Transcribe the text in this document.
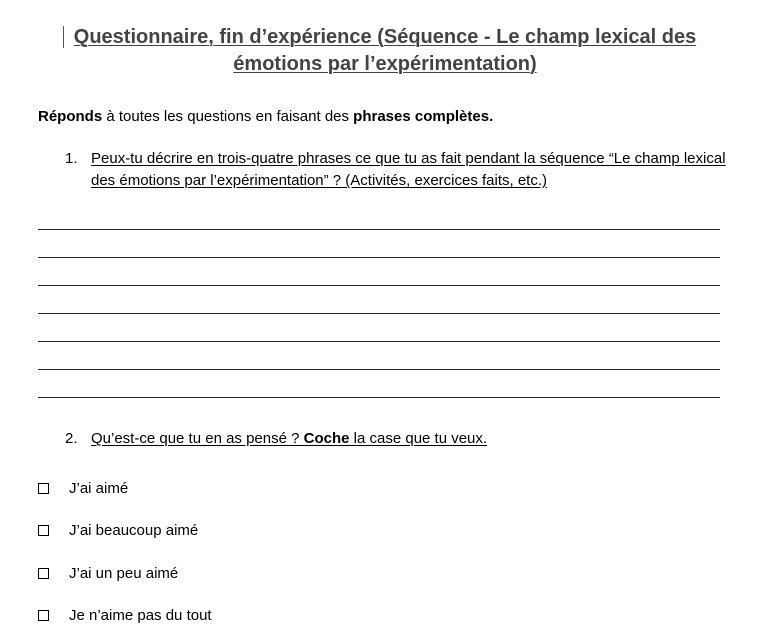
Questionnaire, fin d’expérience (Séquence - Le champ lexical des
émotions par l’expérimentation)
Réponds à toutes les questions en faisant des phrases complètes.
1. Peux-tu décrire en trois-quatre phrases ce que tu as fait pendant la séquence “Le champ lexical des émotions par l’expérimentation” ? (Activités, exercices faits, etc.)
2. Qu’est-ce que tu en as pensé ? Coche la case que tu veux.
J’ai aimé
J’ai beaucoup aimé
J’ai un peu aimé
Je n’aime pas du tout
